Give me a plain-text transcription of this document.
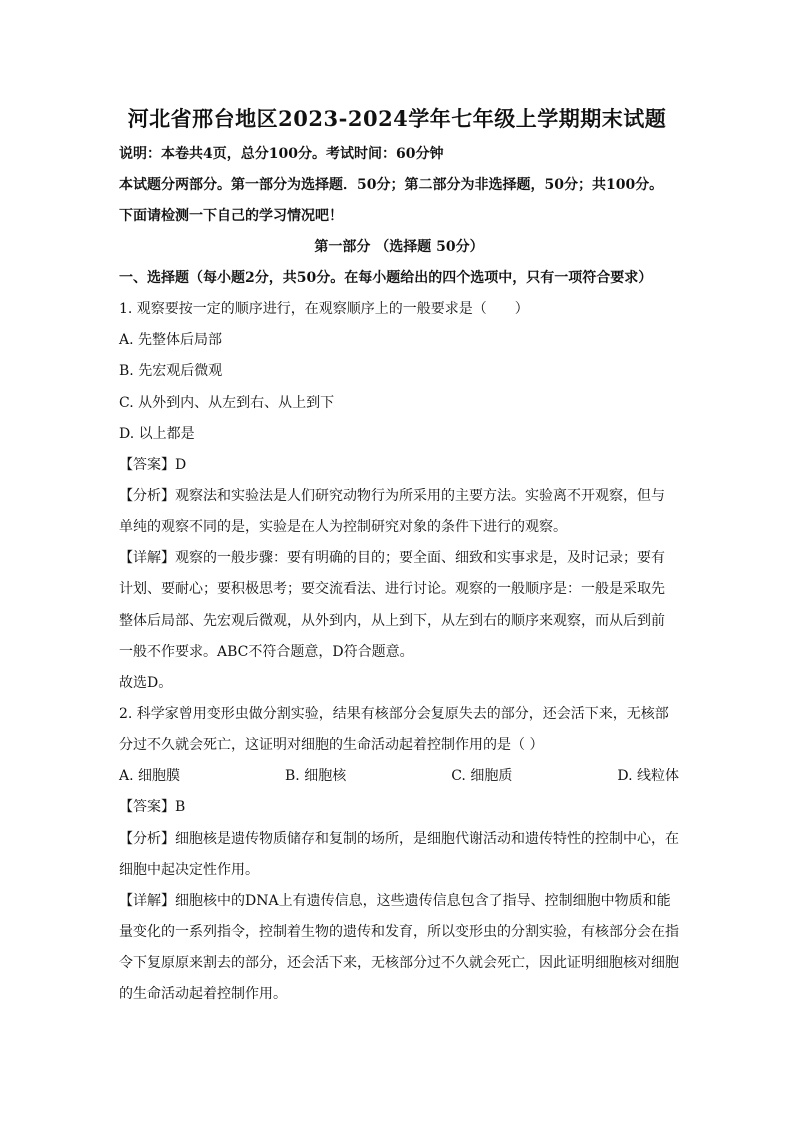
河北省邢台地区2023-2024学年七年级上学期期末试题
说明：本卷共4页，总分100分。考试时间：60分钟
本试题分两部分。第一部分为选择题．50分；第二部分为非选择题，50分；共100分。
下面请检测一下自己的学习情况吧！
第一部分 （选择题 50分）
一、选择题（每小题2分，共50分。在每小题给出的四个选项中，只有一项符合要求）
1. 观察要按一定的顺序进行，在观察顺序上的一般要求是（　　）
A. 先整体后局部
B. 先宏观后微观
C. 从外到内、从左到右、从上到下
D. 以上都是
【答案】D
【分析】观察法和实验法是人们研究动物行为所采用的主要方法。实验离不开观察，但与
单纯的观察不同的是，实验是在人为控制研究对象的条件下进行的观察。
【详解】观察的一般步骤：要有明确的目的；要全面、细致和实事求是，及时记录；要有
计划、要耐心；要积极思考；要交流看法、进行讨论。观察的一般顺序是：一般是采取先
整体后局部、先宏观后微观，从外到内，从上到下，从左到右的顺序来观察，而从后到前
一般不作要求。ABC不符合题意，D符合题意。
故选D。
2. 科学家曾用变形虫做分割实验，结果有核部分会复原失去的部分，还会活下来，无核部
分过不久就会死亡，这证明对细胞的生命活动起着控制作用的是（ ）
A. 细胞膜	B. 细胞核	C. 细胞质	D. 线粒体
【答案】B
【分析】细胞核是遗传物质储存和复制的场所，是细胞代谢活动和遗传特性的控制中心，在
细胞中起决定性作用。
【详解】细胞核中的DNA上有遗传信息，这些遗传信息包含了指导、控制细胞中物质和能
量变化的一系列指令，控制着生物的遗传和发育，所以变形虫的分割实验，有核部分会在指
令下复原原来割去的部分，还会活下来，无核部分过不久就会死亡，因此证明细胞核对细胞
的生命活动起着控制作用。
